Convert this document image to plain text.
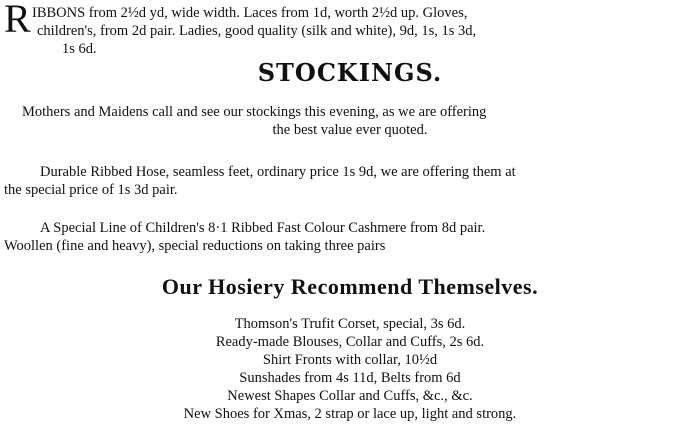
R IBBONS from 2½d yd, wide width. Laces from 1d, worth 2½d up. Gloves,
children's, from 2d pair. Ladies, good quality (silk and white), 9d, 1s, 1s 3d,
1s 6d.
STOCKINGS.
Mothers and Maidens call and see our stockings this evening, as we are offering
the best value ever quoted.
Durable Ribbed Hose, seamless feet, ordinary price 1s 9d, we are offering them at
the special price of 1s 3d pair.
A Special Line of Children's 8·1 Ribbed Fast Colour Cashmere from 8d pair.
Woollen (fine and heavy), special reductions on taking three pairs
Our Hosiery Recommend Themselves.
Thomson's Trufit Corset, special, 3s 6d.
Ready-made Blouses, Collar and Cuffs, 2s 6d.
Shirt Fronts with collar, 10½d
Sunshades from 4s 11d, Belts from 6d
Newest Shapes Collar and Cuffs, &c., &c.
New Shoes for Xmas, 2 strap or lace up, light and strong.
